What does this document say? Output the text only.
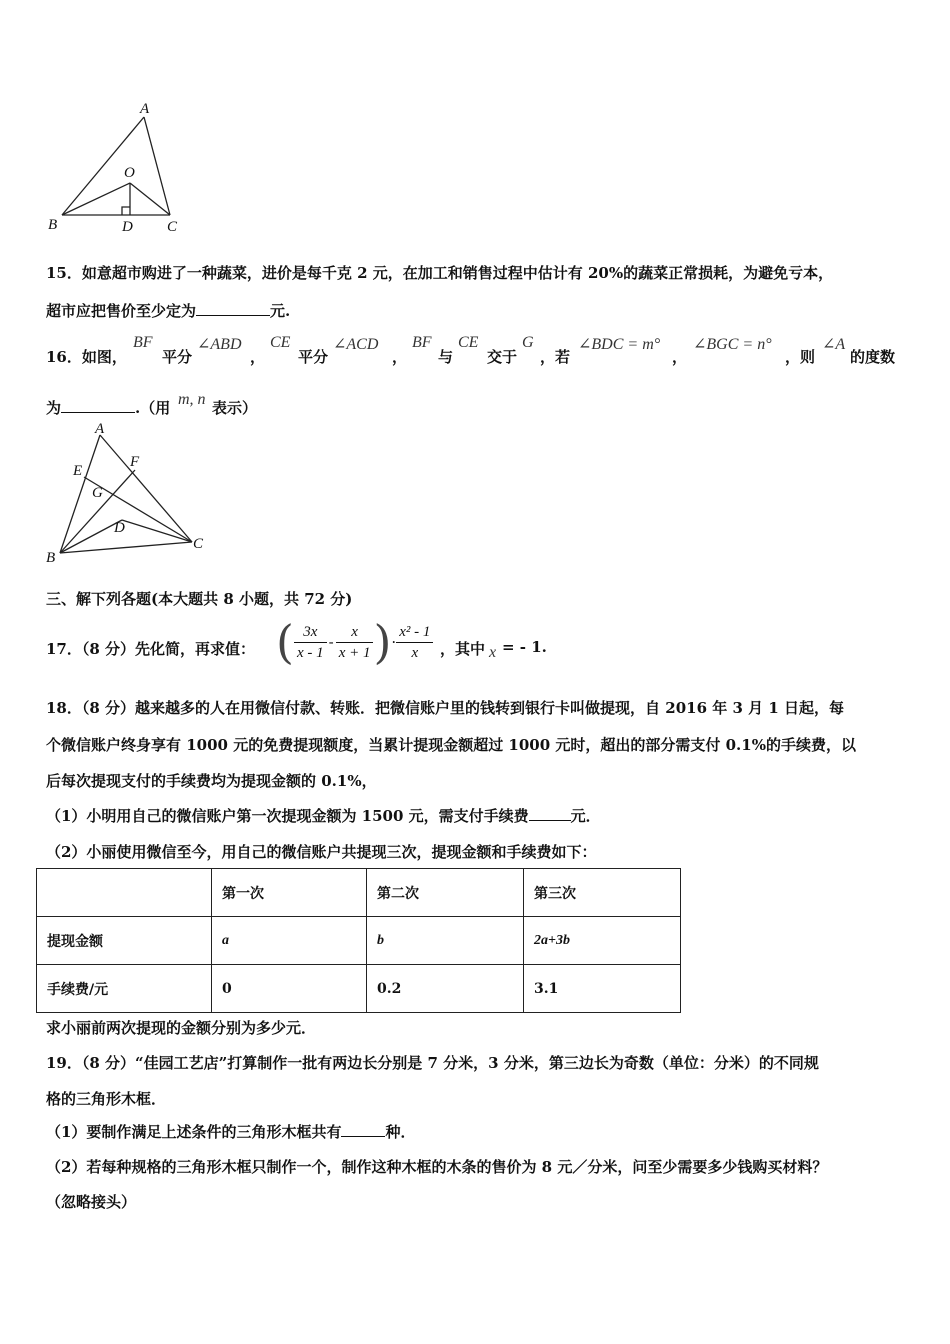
A
O
B	D C
15．如意超市购进了一种蔬菜，进价是每千克 2 元，在加工和销售过程中估计有 20%的蔬菜正常损耗，为避免亏本，
超市应把售价至少定为	元.
16．如图，
BF
平分
∠ABD
，
CE
平分
∠ACD
，
BF
与
CE
交于
G
，若
∠BDC = m°
，
∠BGC = n°
，则
∠A
的度数
为	.（用 m, n 表示）
A
E
F
G
D
B
C
三、解下列各题(本大题共 8 小题，共 72 分)
17．（8 分）先化简，再求值： ( $\frac{3x}{x - 1} - \frac{x}{x + 1}$ )· $\frac{\text{x² - 1}}{x}$ ，其中 x = - 1.
18．（8 分）越来越多的人在用微信付款、转账．把微信账户里的钱转到银行卡叫做提现，自 2016 年 3 月 1 日起，每
个微信账户终身享有 1000 元的免费提现额度，当累计提现金额超过 1000 元时，超出的部分需支付 0.1%的手续费，以
后每次提现支付的手续费均为提现金额的 0.1%，
（1）小明用自己的微信账户第一次提现金额为 1500 元，需支付手续费	元．
（2）小丽使用微信至今，用自己的微信账户共提现三次，提现金额和手续费如下：
	第一次	第二次	第三次
提现金额	a	b	2a+3b
手续费/元	0	0.2	3.1
求小丽前两次提现的金额分别为多少元．
19．（8 分）“佳园工艺店”打算制作一批有两边长分别是 7 分米，3 分米，第三边长为奇数（单位：分米）的不同规
格的三角形木框．
（1）要制作满足上述条件的三角形木框共有	种．
（2）若每种规格的三角形木框只制作一个，制作这种木框的木条的售价为 8 元／分米，问至少需要多少钱购买材料？
（忽略接头）
